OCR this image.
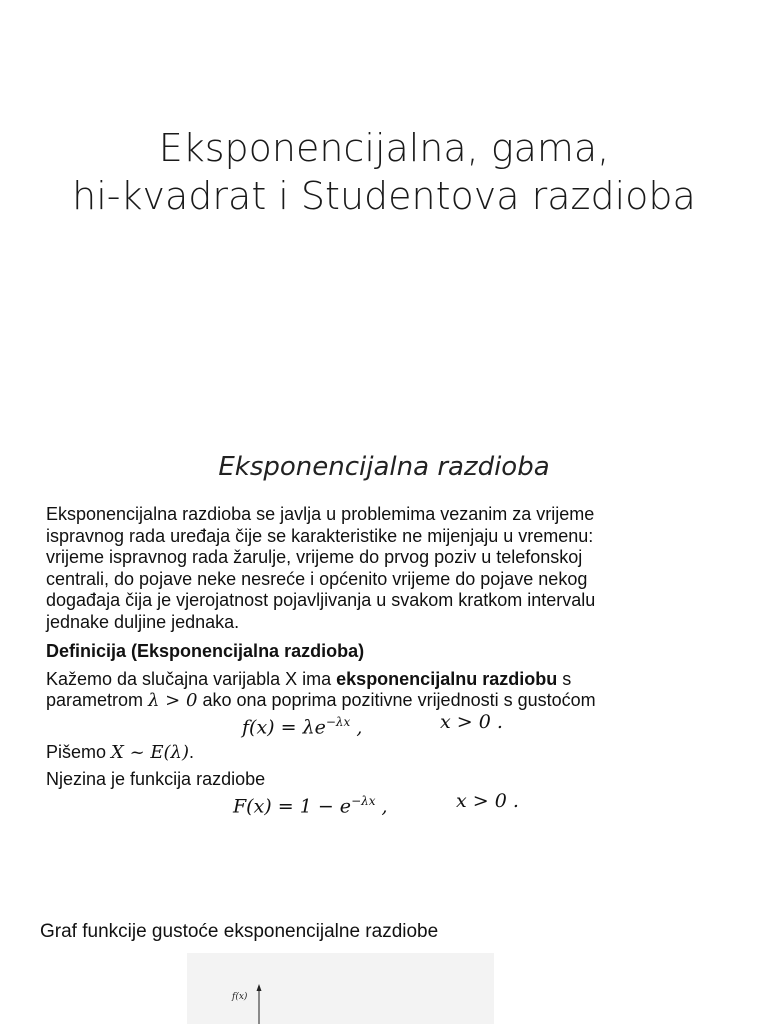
Eksponencijalna, gama,
hi-kvadrat i Studentova razdioba
Eksponencijalna razdioba
Eksponencijalna razdioba se javlja u problemima vezanim za vrijeme
ispravnog rada uređaja čije se karakteristike ne mijenjaju u vremenu:
vrijeme ispravnog rada žarulje, vrijeme do prvog poziv u telefonskoj
centrali, do pojave neke nesreće i općenito vrijeme do pojave nekog
događaja čija je vjerojatnost pojavljivanja u svakom kratkom intervalu
jednake duljine jednaka.
Definicija (Eksponencijalna razdioba)
Kažemo da slučajna varijabla X ima eksponencijalnu razdiobu s
parametrom λ > 0 ako ona poprima pozitivne vrijednosti s gustoćom
$f(x) = \lambda e^{-\lambda x}$ ,	x > 0 .
Pišemo X ~ E(λ).
Njezina je funkcija razdiobe
$F(x) = 1 - e^{-\lambda x}$ ,	x > 0 .
Graf funkcije gustoće eksponencijalne razdiobe
f(x)
